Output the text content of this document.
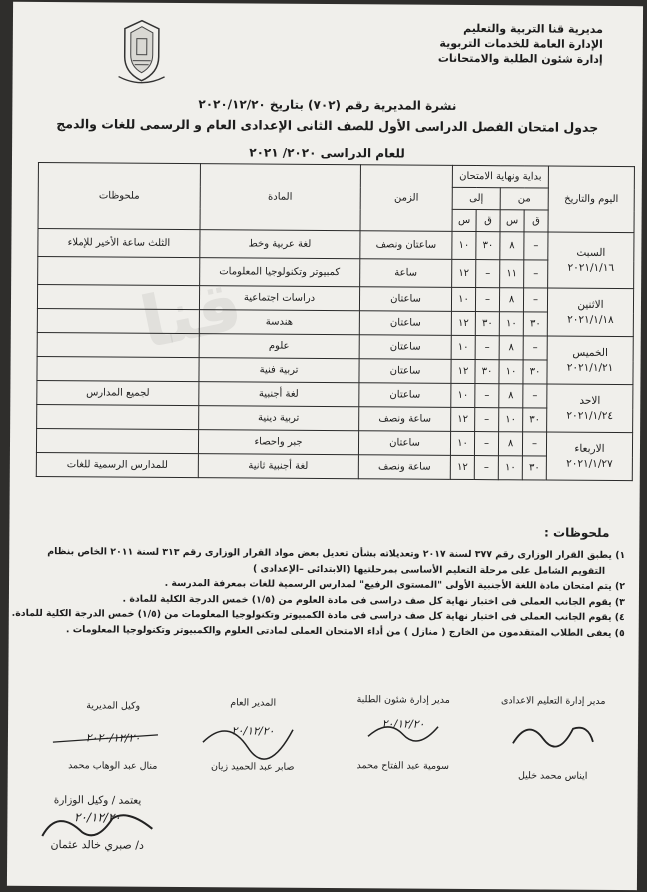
مديرية قنا التربية والتعليم
الإدارة العامة للخدمات التربوية
إدارة شئون الطلبة والامتحانات
نشرة المديرية رقم (٧٠٢) بتاريخ ٢٠٢٠/١٢/٢٠
جدول امتحان الفصل الدراسى الأول للصف الثانى الإعدادى العام و الرسمى للغات والدمج
للعام الدراسى ٢٠٢٠/ ٢٠٢١
قنا
اليوم والتاريخ	بداية ونهاية الامتحان				الزمن	المادة	ملحوظات
	من		إلى				
	ق	س	ق	س			

السبت
٢٠٢١/١/١٦	–	٨	٣٠	١٠	ساعتان ونصف	لغة عربية وخط	الثلث ساعة الأخير للإملاء
	–	١١	–	١٢	ساعة	كمبيوتر وتكنولوجيا المعلومات	

الاثنين
٢٠٢١/١/١٨	–	٨	–	١٠	ساعتان	دراسات اجتماعية	
	٣٠	١٠	٣٠	١٢	ساعتان	هندسة	

الخميس
٢٠٢١/١/٢١	–	٨	–	١٠	ساعتان	علوم	
	٣٠	١٠	٣٠	١٢	ساعتان	تربية فنية	

الاحد
٢٠٢١/١/٢٤	–	٨	–	١٠	ساعتان	لغة أجنبية	لجميع المدارس
	٣٠	١٠	–	١٢	ساعة ونصف	تربية دينية	

الاربعاء
٢٠٢١/١/٢٧	–	٨	–	١٠	ساعتان	جبر واحصاء	
	٣٠	١٠	–	١٢	ساعة ونصف	لغة أجنبية ثانية	للمدارس الرسمية للغات
ملحوظات :
١) يطبق القرار الوزارى رقم ٣٧٧ لسنة ٢٠١٧ وتعديلاته بشأن تعديل بعض مواد القرار الوزارى رقم ٣١٣ لسنة ٢٠١١ الخاص بنظام
التقويم الشامل على مرحلة التعليم الأساسى بمرحلتيها (الابتدائى –الإعدادى )
٢) يتم امتحان مادة اللغة الأجنبية الأولى "المستوى الرفيع" لمدارس الرسمية للغات بمعرفة المدرسة .
٣) يقوم الجانب العملى فى اختبار نهاية كل صف دراسى فى مادة العلوم من (١/٥) خمس الدرجة الكلية للمادة .
٤) يقوم الجانب العملى فى اختبار نهاية كل صف دراسى فى مادة الكمبيوتر وتكنولوجيا المعلومات من (١/٥) خمس الدرجة الكلية للمادة.
٥) يعفى الطلاب المتقدمون من الخارج ( منازل ) من أداء الامتحان العملى لمادتى العلوم والكمبيوتر وتكنولوجيا المعلومات .
مدير إدارة التعليم الاعدادى
ايناس محمد خليل
مدير إدارة شئون الطلبة
٢٠/١٢/٢٠
سومية عبد الفتاح محمد
المدير العام
٢٠/١٢/٢٠
صابر عبد الحميد زيان
وكيل المديرية
٢٠٢٠/١٢/٢٠
منال عبد الوهاب محمد
يعتمد / وكيل الوزارة
٢٠/١٢/٢٠
د/ صبري خالد عثمان
